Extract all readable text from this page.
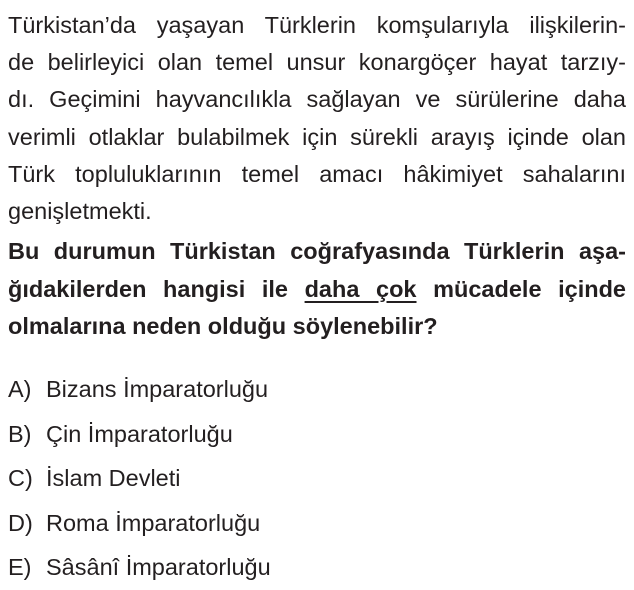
Türkistan’da yaşayan Türklerin komşularıyla ilişkilerin-
de belirleyici olan temel unsur konargöçer hayat tarzıy-
dı. Geçimini hayvancılıkla sağlayan ve sürülerine daha
verimli otlaklar bulabilmek için sürekli arayış içinde olan
Türk topluluklarının temel amacı hâkimiyet sahalarını
genişletmekti.
Bu durumun Türkistan coğrafyasında Türklerin aşa-
ğıdakilerden hangisi ile daha çok mücadele içinde
olmalarına neden olduğu söylenebilir?
A) Bizans İmparatorluğu
B) Çin İmparatorluğu
C) İslam Devleti
D) Roma İmparatorluğu
E) Sâsânî İmparatorluğu
